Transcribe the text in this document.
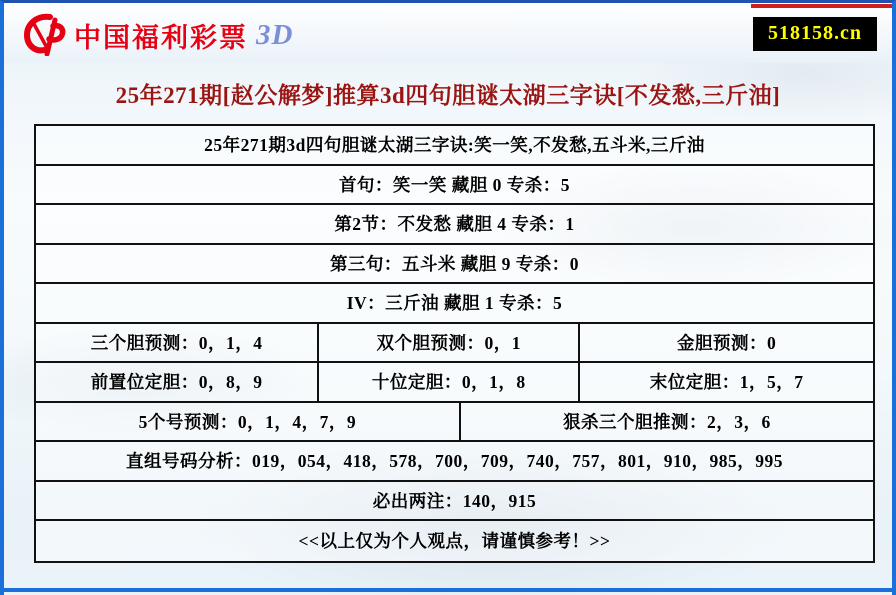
中国福利彩票 3D	518158.cn
25年271期[赵公解梦]推算3d四句胆谜太湖三字诀[不发愁,三斤油]
25年271期3d四句胆谜太湖三字诀:笑一笑,不发愁,五斗米,三斤油
首句：笑一笑 藏胆 0 专杀：5
第2节：不发愁 藏胆 4 专杀：1
第三句：五斗米 藏胆 9 专杀：0
IV：三斤油 藏胆 1 专杀：5
三个胆预测：0，1，4	双个胆预测：0，1	金胆预测：0
前置位定胆：0，8，9	十位定胆：0，1，8	末位定胆：1，5，7
5个号预测：0，1，4，7，9	狠杀三个胆推测：2，3，6
直组号码分析：019，054，418，578，700，709，740，757，801，910，985，995
必出两注：140，915
<<以上仅为个人观点，请谨慎参考！>>
